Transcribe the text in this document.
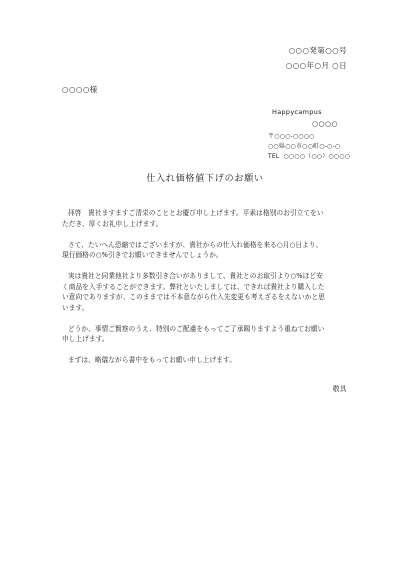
○○○発第○○号
○○○年○月 ○日
○○○○様
Happycampus
○○○○
〒○○○-○○○○
○○県○○市○○町○-○-○
TEL ○○○○（○○）○○○○
仕入れ価格値下げのお願い
拝啓　貴社ますますご清栄のこととお慶び申し上げます。平素は格別のお引立てをい
ただき、厚くお礼申し上げます。
さて、たいへん恐縮ではございますが、貴社からの仕入れ価格を来る○月○日より、
現行価格の○%引きでお願いできませんでしょうか。
実は貴社と同業他社より多数引き合いがありまして、貴社とのお取引より○%ほど安
く商品を入手することができます。弊社といたしましては、できれば貴社より購入した
い意向でありますが、このままでは不本意ながら仕入先変更も考えざるをえないかと思
います。
どうか、事情ご賢察のうえ、特別のご配慮をもってご了承賜りますよう重ねてお願い
申し上げます。
まずは、略儀ながら書中をもってお願い申し上げます。
敬具
